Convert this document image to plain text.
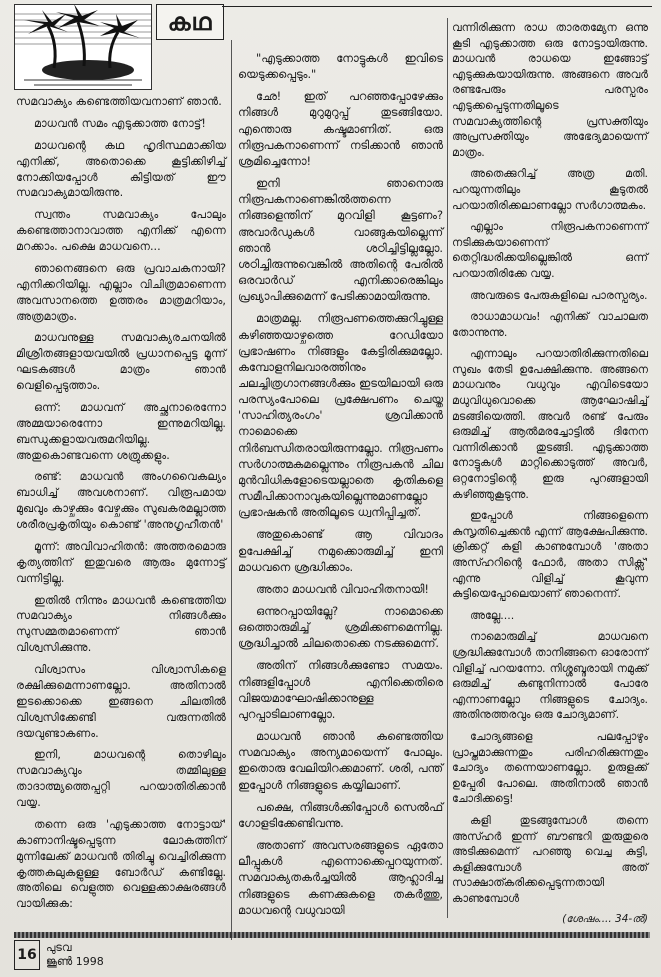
കഥ

സമവാക്യം കണ്ടെത്തിയവനാണ് ഞാൻ.

മാധവൻ സമം എടുക്കാത്ത നോട്ട്!

മാധവന്റെ കഥ ഹൃദിസ്ഥമാക്കിയ എനിക്ക്, അതൊക്കെ കൂട്ടിക്കിഴിച്ച് നോക്കിയപ്പോൾ കിട്ടിയത് ഈ സമവാക്യമായിരുന്നു.

സ്വന്തം സമവാക്യം പോലും കണ്ടെത്താനാവാത്ത എനിക്ക് എന്നെ മറക്കാം. പക്ഷെ മാധവനെ...

ഞാനെങ്ങനെ ഒരു പ്രവാചകനായി? എനിക്കറിയില്ല. എല്ലാം വിചിത്രമാണെന്ന അവസാനത്തെ ഉത്തരം മാത്രമറിയാം, അത്രമാത്രം.

മാധവനുള്ള സമവാക്യരചനയിൽ മിശ്രിതങ്ങളായവയിൽ പ്രധാനപ്പെട്ട മൂന്ന് ഘടകങ്ങൾ മാത്രം ഞാൻ വെളിപ്പെടുത്താം.

ഒന്ന്: മാധവന് അച്ഛനാരെന്നോ അമ്മയാരെന്നോ ഇന്നുമറിയില്ല. ബന്ധുക്കളായവരുമറിയില്ല. അതുകൊണ്ടവന്നെ ശത്രുക്കളും.

രണ്ട്: മാധവൻ അംഗവൈകല്യം ബാധിച്ച് അവശനാണ്. വിരൂപമായ മുഖവും കാഴ്ചക്കും വേഴ്ചക്കും സുഖകരമല്ലാത്ത ശരീരപ്രകൃതിയും കൊണ്ട് 'അനുഗൃഹീതൻ'

മൂന്ന്: അവിവാഹിതൻ: അത്തരമൊരു കൃത്യത്തിന് ഇതുവരെ ആരും മുന്നോട്ട് വന്നിട്ടില്ല.

ഇതിൽ നിന്നും മാധവൻ കണ്ടെത്തിയ സമവാക്യം നിങ്ങൾക്കും സുസമ്മതമാണെന്ന് ഞാൻ വിശ്വസിക്കുന്നു.

വിശ്വാസം വിശ്വാസികളെ രക്ഷിക്കുമെന്നാണല്ലോ. അതിനാൽ ഇടക്കൊക്കെ ഇങ്ങനെ ചിലതിൽ വിശ്വസിക്കേണ്ടി വരുന്നതിൽ ദയവുണ്ടാകണം.

ഇനി, മാധവന്റെ തൊഴിലും സമവാക്യവും തമ്മിലുള്ള താദാത്മ്യത്തെപ്പറ്റി പറയാതിരിക്കാൻ വയ്യ.

തന്നെ ഒരു 'എടുക്കാത്ത നോട്ടായ്' കാണാനിഷ്ടപ്പെടുന്ന ലോകത്തിന് മുന്നിലേക്ക് മാധവൻ തിരിച്ചു വെച്ചിരിക്കുന്ന കൃത്തകലുകളുള്ള ബോർഡ് കണ്ടില്ലേ. അതിലെ വെളുത്ത വെള്ളക്കാക്ഷരങ്ങൾ വായിക്കുക:

"എടുക്കാത്ത നോട്ടുകൾ ഇവിടെ യെടുക്കപ്പെടും."

ഛേ! ഇത് പറഞ്ഞപ്പോഴേക്കും നിങ്ങൾ മുറുമുറുപ്പ് തുടങ്ങിയോ. എന്തൊരു കഷ്ടമാണിത്. ഒരു നിരൂപകനാണെന്ന് നടിക്കാൻ ഞാൻ ശ്രമിച്ചെന്നോ!

ഇനി ഞാനൊരു നിരൂപകനാണെങ്കിൽത്തന്നെ നിങ്ങളെന്തിന് മുറവിളി കൂട്ടണം? അവാർഡുകൾ വാങ്ങുകയില്ലെന്ന് ഞാൻ ശഠിച്ചിട്ടില്ലല്ലോ. ശഠിച്ചിരുന്നുവെങ്കിൽ അതിന്റെ പേരിൽ ഒരവാർഡ് എനിക്കാരെങ്കിലും പ്രഖ്യാപിക്കുമെന്ന് പേടിക്കാമായിരുന്നു.

മാത്രമല്ല. നിരൂപണത്തെക്കുറിച്ചുള്ള കഴിഞ്ഞയാഴ്ചത്തെ റേഡിയോ പ്രഭാഷണം നിങ്ങളും കേട്ടിരിക്കുമല്ലോ. കമ്പോളനിലവാരത്തിനും ചലച്ചിത്രഗാനങ്ങൾക്കും ഇടയിലായി ഒരു പരസ്യംപോലെ പ്രക്ഷേപണം ചെയ്ത 'സാഹിത്യരംഗം' ശ്രവിക്കാൻ നാമൊക്കെ നിർബന്ധിതരായിരുന്നല്ലോ. നിരൂപണം സർഗാത്മകമല്ലെന്നും നിരൂപകൻ ചില മുൻവിധികളോടെയല്ലാതെ കൃതികളെ സമീപിക്കാനാവുകയില്ലെന്നുമാണല്ലോ പ്രഭാഷകൻ അതിലൂടെ ധ്വനിപ്പിച്ചത്.

അതുകൊണ്ട് ആ വിവാദം ഉപേക്ഷിച്ച് നമുക്കൊരുമിച്ച് ഇനി മാധവനെ ശ്രദ്ധിക്കാം.

അതാ മാധവൻ വിവാഹിതനായി!

ഒന്നുറപ്പായില്ലേ? നാമൊക്കെ ഒത്തൊരുമിച്ച് ശ്രമിക്കണമെന്നില്ല. ശ്രദ്ധിച്ചാൽ ചിലതൊക്കെ നടക്കുമെന്ന്.

അതിന് നിങ്ങൾക്കുണ്ടോ സമയം. നിങ്ങളിപ്പോൾ എനിക്കെതിരെ വിജയമാഘോഷിക്കാനുള്ള പുറപ്പാടിലാണല്ലോ.

മാധവൻ ഞാൻ കണ്ടെത്തിയ സമവാക്യം അന്യമായെന്ന് പോലും. ഇതൊരു വേലിയിറക്കമാണ്. ശരി, പന്ത് ഇപ്പോൾ നിങ്ങളുടെ കയ്യിലാണ്.

പക്ഷെ, നിങ്ങൾക്കിപ്പോൾ സെൽഫ് ഗോളടിക്കേണ്ടിവന്നു.

അതാണ് അവസരങ്ങളുടെ ഏതോ ലീപ്പുകൾ എന്നൊക്കെപ്പറയുന്നത്. സമവാക്യതകർച്ചയിൽ ആഹ്ലാദിച്ച നിങ്ങളുടെ കണക്കുകളെ തകർത്തു, മാധവന്റെ വധുവായി

വന്നിരിക്കുന്ന രാധ താരതമ്യേന ഒന്നു കൂടി എടുക്കാത്ത ഒരു നോട്ടായിരുന്നു. മാധവൻ രാധയെ ഇങ്ങോട്ട് എടുക്കുകയായിരുന്നു. അങ്ങനെ അവർ രണ്ടപേരും പരസ്പരം എടുക്കപ്പെടുന്നതിലൂടെ സമവാക്യത്തിന്റെ പ്രസക്തിയും അപ്രസക്തിയും അഭേദ്യമായെന്ന് മാത്രം.

അതെക്കുറിച്ച് അത്ര മതി. പറയുന്നതിലും കൂടുതൽ പറയാതിരിക്കലാണല്ലോ സർഗാത്മകം.

എല്ലാം നിരൂപകനാണെന്ന് നടിക്കുകയാണെന്ന് തെറ്റിദ്ധരിക്കയില്ലെങ്കിൽ ഒന്ന് പറയാതിരിക്കേ വയ്യ.

അവരുടെ പേരുകളിലെ പാരസ്പര്യം.

രാധാമാധവം! എനിക്ക് വാചാലത തോന്നുന്നു.

എന്നാലും പറയാതിരിക്കുന്നതിലെ സുഖം തേടി ഉപേക്ഷിക്കുന്നു. അങ്ങനെ മാധവനും വധുവും എവിടെയോ മധുവിധുവൊക്കെ ആഘോഷിച്ച് മടങ്ങിയെത്തി. അവർ രണ്ട് പേരും ഒരുമിച്ച് ആൽമരച്ചോട്ടിൽ ദിനേന വന്നിരിക്കാൻ തുടങ്ങി. എടുക്കാത്ത നോട്ടുകൾ മാറ്റിക്കൊടുത്ത് അവർ, ഒറ്റനോട്ടിന്റെ ഇരു പുറങ്ങളായി കഴിഞ്ഞുകൂടുന്നു.

ഇപ്പോൾ നിങ്ങളെന്നെ കുസൃതിച്ചെക്കൻ എന്ന് ആക്ഷേപിക്കുന്നു. ക്രിക്കറ്റ് കളി കാണുമ്പോൾ 'അതാ അസ്ഹറിന്റെ ഫോർ, അതാ സിക്സ്' എന്നു വിളിച്ച് കൂവുന്ന കുട്ടിയെപ്പോലെയാണ് ഞാനെന്ന്.

അല്ലേ....

നാമൊരുമിച്ച് മാധവനെ ശ്രദ്ധിക്കുമ്പോൾ താനിങ്ങനെ ഓരോന്ന് വിളിച്ച് പറയന്നോ. നിശ്ശബ്ദരായി നമുക്ക് ഒരുമിച്ച് കണ്ടുനിന്നാൽ പോരേ എന്നാണല്ലോ നിങ്ങളുടെ ചോദ്യം. അതിനുത്തരവും ഒരു ചോദ്യമാണ്.

ചോദ്യങ്ങളെ പലപ്പോഴും പ്രാപ്തമാക്കുന്നതും പരിഹരിക്കുന്നതും ചോദ്യം തന്നെയാണല്ലോ. ഉരുളക്ക് ഉപ്പേരി പോലെ. അതിനാൽ ഞാൻ ചോദിക്കട്ടെ!

കളി തുടങ്ങുമ്പോൾ തന്നെ അസ്ഹർ ഇന്ന് ബൗണ്ടറി തുരുതുരെ അടിക്കുമെന്ന് പറഞ്ഞു വെച്ച കുട്ടി, കളിക്കുമ്പോൾ അത് സാക്ഷാത്കരിക്കപ്പെടുന്നതായി കാണുമ്പോൾ

(ശേഷം.... 34-ൽ)
16 പുടവ
ജൂൺ 1998
